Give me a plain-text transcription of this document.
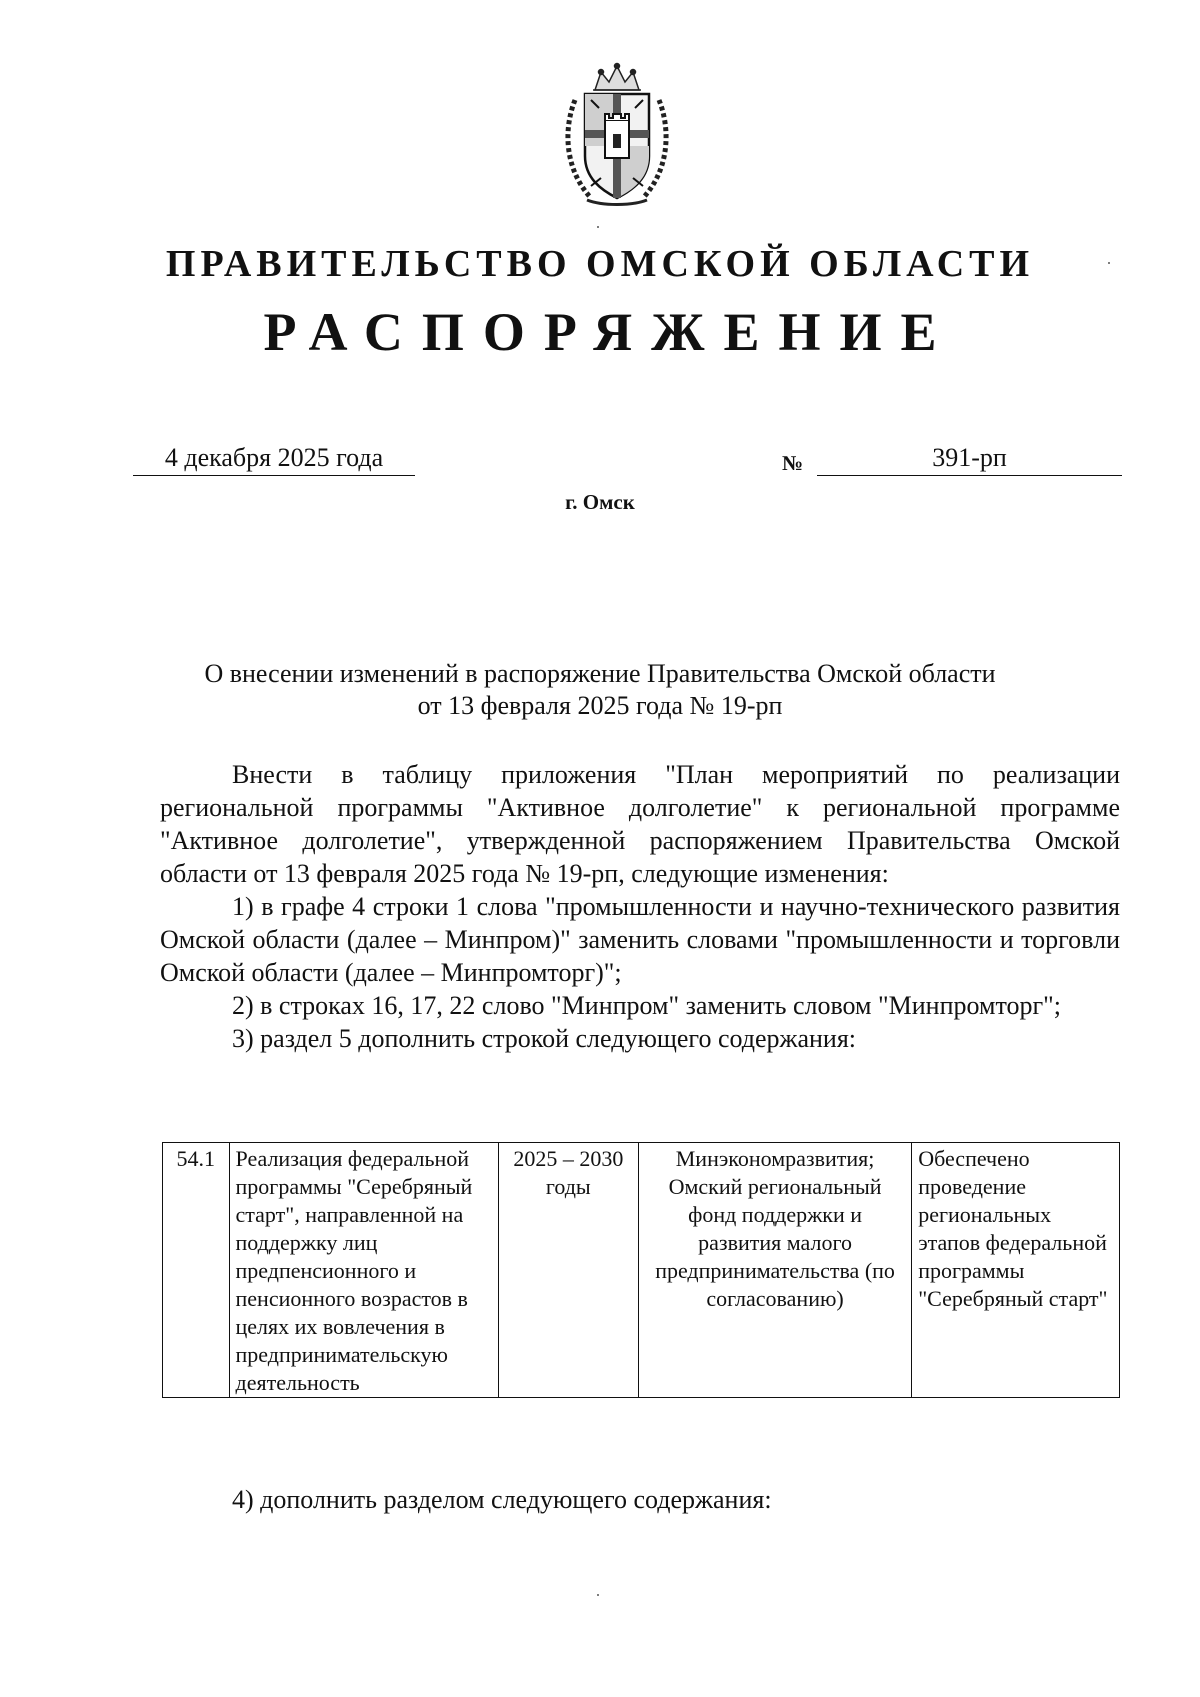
ПРАВИТЕЛЬСТВО ОМСКОЙ ОБЛАСТИ
РАСПОРЯЖЕНИЕ
4 декабря 2025 года	№	391-рп
г. Омск
О внесении изменений в распоряжение Правительства Омской области
от 13 февраля 2025 года № 19-рп

Внести в таблицу приложения "План мероприятий по реализации региональной программы "Активное долголетие" к региональной программе "Активное долголетие", утвержденной распоряжением Правительства Омской области от 13 февраля 2025 года № 19-рп, следующие изменения:

1) в графе 4 строки 1 слова "промышленности и научно-технического развития Омской области (далее – Минпром)" заменить словами "промышленности и торговли Омской области (далее – Минпромторг)";

2) в строках 16, 17, 22 слово "Минпром" заменить словом "Минпромторг";

3) раздел 5 дополнить строкой следующего содержания:

54.1	Реализация федеральной программы "Серебряный старт", направленной на поддержку лиц предпенсионного и пенсионного возрастов в целях их вовлечения в предпринимательскую деятельность	2025 – 2030 годы	Минэкономразвития; Омский региональный фонд поддержки и развития малого предпринимательства (по согласованию)	Обеспечено проведение региональных этапов федеральной программы "Серебряный старт"
4) дополнить разделом следующего содержания:
